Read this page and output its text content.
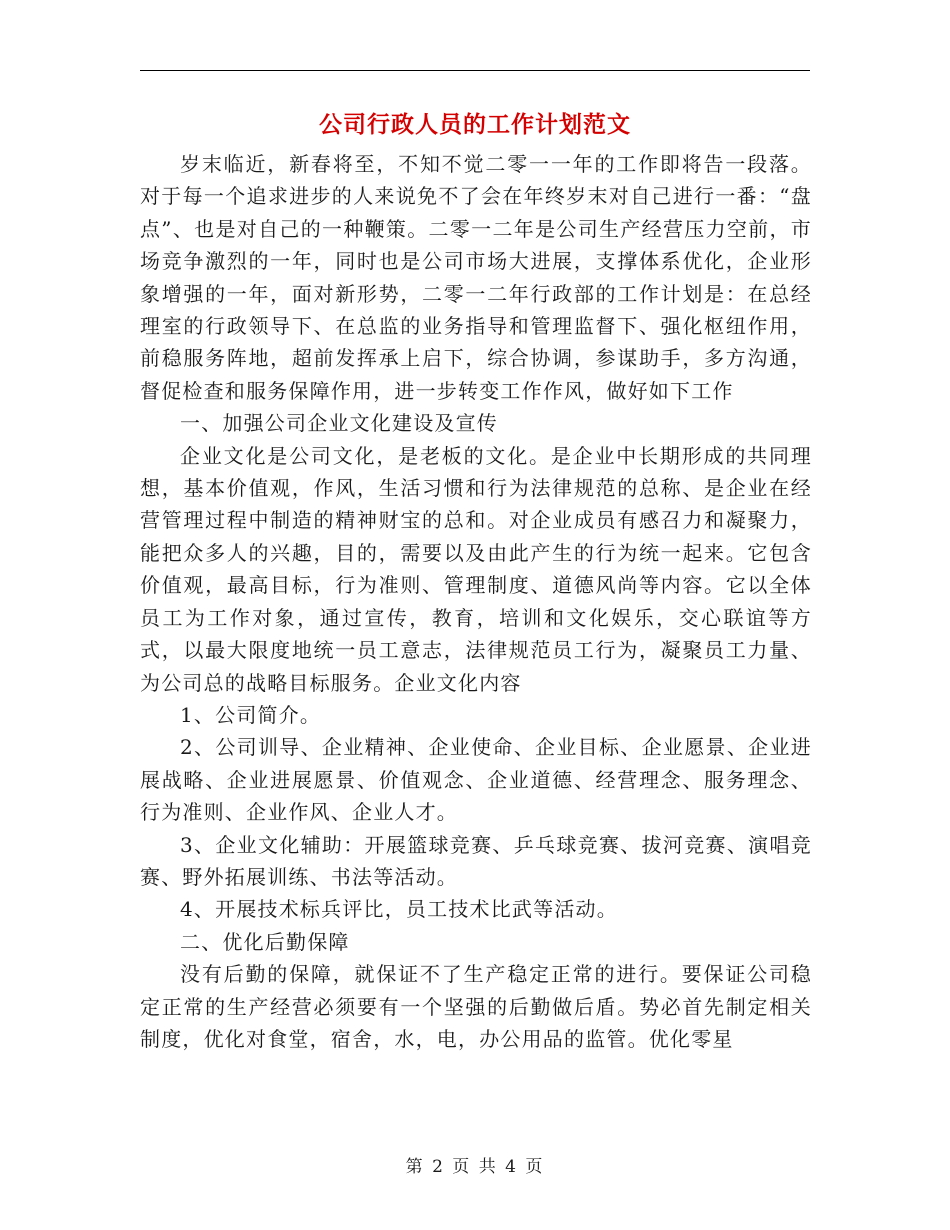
公司行政人员的工作计划范文

岁末临近，新春将至，不知不觉二零一一年的工作即将告一段落。对于每一个追求进步的人来说免不了会在年终岁末对自己进行一番：“盘点”、也是对自己的一种鞭策。二零一二年是公司生产经营压力空前，市场竞争激烈的一年，同时也是公司市场大进展，支撑体系优化，企业形象增强的一年，面对新形势，二零一二年行政部的工作计划是：在总经理室的行政领导下、在总监的业务指导和管理监督下、强化枢纽作用，前稳服务阵地，超前发挥承上启下，综合协调，参谋助手，多方沟通，督促检查和服务保障作用，进一步转变工作作风，做好如下工作

一、加强公司企业文化建设及宣传

企业文化是公司文化，是老板的文化。是企业中长期形成的共同理想，基本价值观，作风，生活习惯和行为法律规范的总称、是企业在经营管理过程中制造的精神财宝的总和。对企业成员有感召力和凝聚力，能把众多人的兴趣，目的，需要以及由此产生的行为统一起来。它包含价值观，最高目标，行为准则、管理制度、道德风尚等内容。它以全体员工为工作对象，通过宣传，教育，培训和文化娱乐，交心联谊等方式，以最大限度地统一员工意志，法律规范员工行为，凝聚员工力量、为公司总的战略目标服务。企业文化内容

1、公司简介。

2、公司训导、企业精神、企业使命、企业目标、企业愿景、企业进展战略、企业进展愿景、价值观念、企业道德、经营理念、服务理念、行为准则、企业作风、企业人才。

3、企业文化辅助：开展篮球竞赛、乒乓球竞赛、拔河竞赛、演唱竞赛、野外拓展训练、书法等活动。

4、开展技术标兵评比，员工技术比武等活动。

二、优化后勤保障

没有后勤的保障，就保证不了生产稳定正常的进行。要保证公司稳定正常的生产经营必须要有一个坚强的后勤做后盾。势必首先制定相关制度，优化对食堂，宿舍，水，电，办公用品的监管。优化零星

第 2 页 共 4 页
